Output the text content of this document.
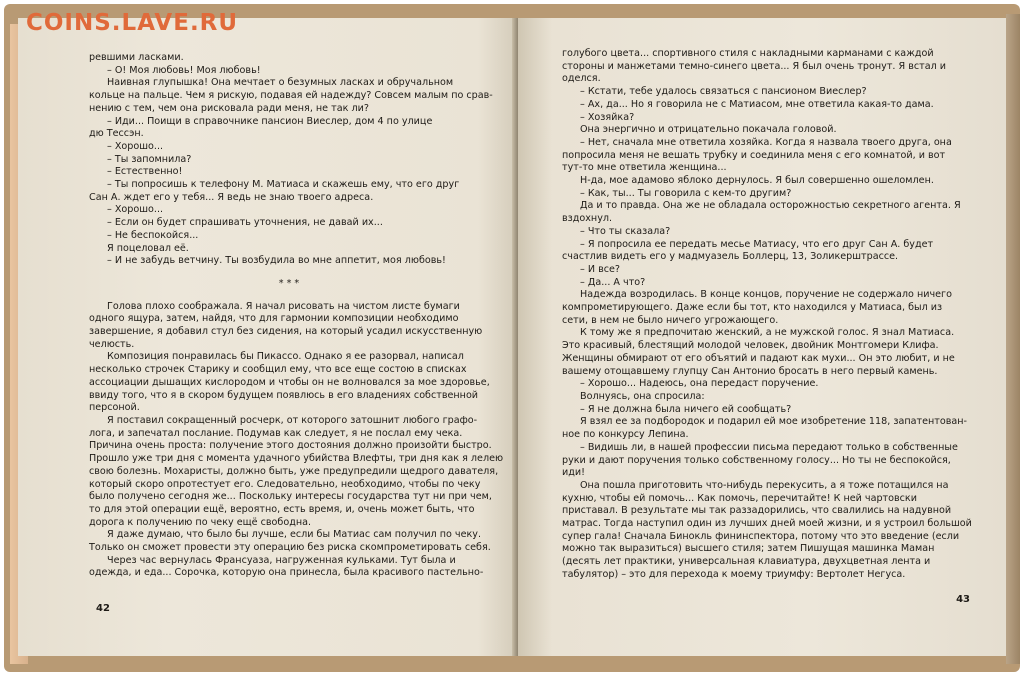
ревшими ласками.
– О! Моя любовь! Моя любовь!
Наивная глупышка! Она мечтает о безумных ласках и обручальном
кольце на пальце. Чем я рискую, подавая ей надежду? Совсем малым по срав-
нению с тем, чем она рисковала ради меня, не так ли?
– Иди... Поищи в справочнике пансион Виеслер, дом 4 по улице
дю Тессэн.
– Хорошо...
– Ты запомнила?
– Естественно!
– Ты попросишь к телефону М. Матиаса и скажешь ему, что его друг
Сан А. ждет его у тебя... Я ведь не знаю твоего адреса.
– Хорошо...
– Если он будет спрашивать уточнения, не давай их...
– Не беспокойся...
Я поцеловал её.
– И не забудь ветчину. Ты возбудила во мне аппетит, моя любовь!
***
Голова плохо соображала. Я начал рисовать на чистом листе бумаги
одного ящура, затем, найдя, что для гармонии композиции необходимо
завершение, я добавил стул без сидения, на который усадил искусственную
челюсть.
Композиция понравилась бы Пикассо. Однако я ее разорвал, написал
несколько строчек Старику и сообщил ему, что все еще состою в списках
ассоциации дышащих кислородом и чтобы он не волновался за мое здоровье,
ввиду того, что я в скором будущем появлюсь в его владениях собственной
персоной.
Я поставил сокращенный росчерк, от которого затошнит любого графо-
лога, и запечатал послание. Подумав как следует, я не послал ему чека.
Причина очень проста: получение этого достояния должно произойти быстро.
Прошло уже три дня с момента удачного убийства Влефты, три дня как я лелею
свою болезнь. Мохаристы, должно быть, уже предупредили щедрого давателя,
который скоро опротестует его. Следовательно, необходимо, чтобы по чеку
было получено сегодня же... Поскольку интересы государства тут ни при чем,
то для этой операции ещё, вероятно, есть время, и, очень может быть, что
дорога к получению по чеку ещё свободна.
Я даже думаю, что было бы лучше, если бы Матиас сам получил по чеку.
Только он сможет провести эту операцию без риска скомпрометировать себя.
Через час вернулась Франсуаза, нагруженная кульками. Тут была и
одежда, и еда... Сорочка, которую она принесла, была красивого пастельно-
42
голубого цвета... спортивного стиля с накладными карманами с каждой
стороны и манжетами темно-синего цвета... Я был очень тронут. Я встал и
оделся.
– Кстати, тебе удалось связаться с пансионом Виеслер?
– Ах, да... Но я говорила не с Матиасом, мне ответила какая-то дама.
– Хозяйка?
Она энергично и отрицательно покачала головой.
– Нет, сначала мне ответила хозяйка. Когда я назвала твоего друга, она
попросила меня не вешать трубку и соединила меня с его комнатой, и вот
тут-то мне ответила женщина...
Н-да, мое адамово яблоко дернулось. Я был совершенно ошеломлен.
– Как, ты... Ты говорила с кем-то другим?
Да и то правда. Она же не обладала осторожностью секретного агента. Я
вздохнул.
– Что ты сказала?
– Я попросила ее передать месье Матиасу, что его друг Сан А. будет
счастлив видеть его у мадмуазель Боллерц, 13, Золикерштрассе.
– И все?
– Да... А что?
Надежда возродилась. В конце концов, поручение не содержало ничего
компрометирующего. Даже если бы тот, кто находился у Матиаса, был из
сети, в нем не было ничего угрожающего.
К тому же я предпочитаю женский, а не мужской голос. Я знал Матиаса.
Это красивый, блестящий молодой человек, двойник Монтгомери Клифа.
Женщины обмирают от его объятий и падают как мухи... Он это любит, и не
вашему отощавшему глупцу Сан Антонио бросать в него первый камень.
– Хорошо... Надеюсь, она передаст поручение.
Волнуясь, она спросила:
– Я не должна была ничего ей сообщать?
Я взял ее за подбородок и подарил ей мое изобретение 118, запатентован-
ное по конкурсу Лепина.
– Видишь ли, в нашей профессии письма передают только в собственные
руки и дают поручения только собственному голосу... Но ты не беспокойся,
иди!
Она пошла приготовить что-нибудь перекусить, а я тоже потащился на
кухню, чтобы ей помочь... Как помочь, перечитайте! К ней чартовски
приставал. В результате мы так раззадорились, что свалились на надувной
матрас. Тогда наступил один из лучших дней моей жизни, и я устроил большой
супер гала! Сначала Бинокль фининспектора, потому что это введение (если
можно так выразиться) высшего стиля; затем Пишущая машинка Маман
(десять лет практики, универсальная клавиатура, двухцветная лента и
табулятор) – это для перехода к моему триумфу: Вертолет Негуса.
43
COINS.LAVE.RU
